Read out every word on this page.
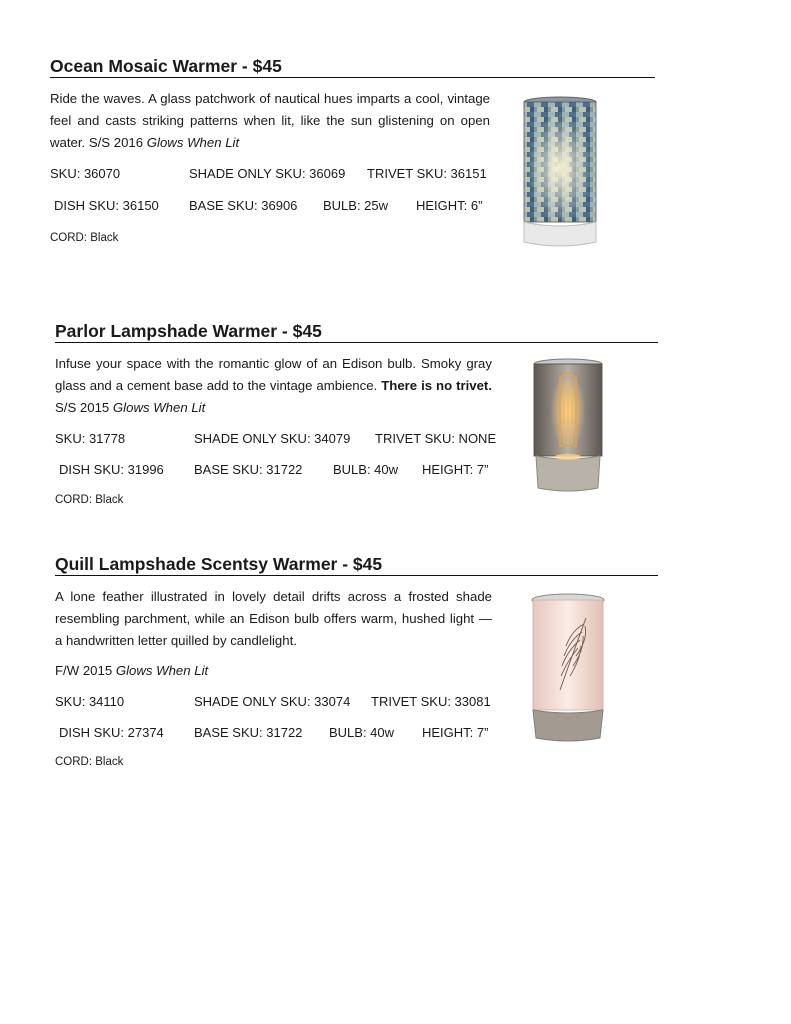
Ocean Mosaic Warmer - $45
Ride the waves. A glass patchwork of nautical hues imparts a cool, vintage feel and casts striking patterns when lit, like the sun glistening on open water. S/S 2016 Glows When Lit
SKU: 36070	SHADE ONLY SKU: 36069 TRIVET SKU: 36151
DISH SKU: 36150 BASE SKU: 36906 BULB: 25w HEIGHT: 6”
CORD: Black
Parlor Lampshade Warmer - $45
Infuse your space with the romantic glow of an Edison bulb. Smoky gray glass and a cement base add to the vintage ambience. There is no trivet. S/S 2015 Glows When Lit
SKU: 31778	SHADE ONLY SKU: 34079 TRIVET SKU: NONE
DISH SKU: 31996 BASE SKU: 31722 BULB: 40w HEIGHT: 7”
CORD: Black
Quill Lampshade Scentsy Warmer - $45
A lone feather illustrated in lovely detail drifts across a frosted shade resembling parchment, while an Edison bulb offers warm, hushed light — a handwritten letter quilled by candlelight.
F/W 2015 Glows When Lit
SKU: 34110	SHADE ONLY SKU: 33074 TRIVET SKU: 33081
DISH SKU: 27374 BASE SKU: 31722 BULB: 40w HEIGHT: 7”
CORD: Black
